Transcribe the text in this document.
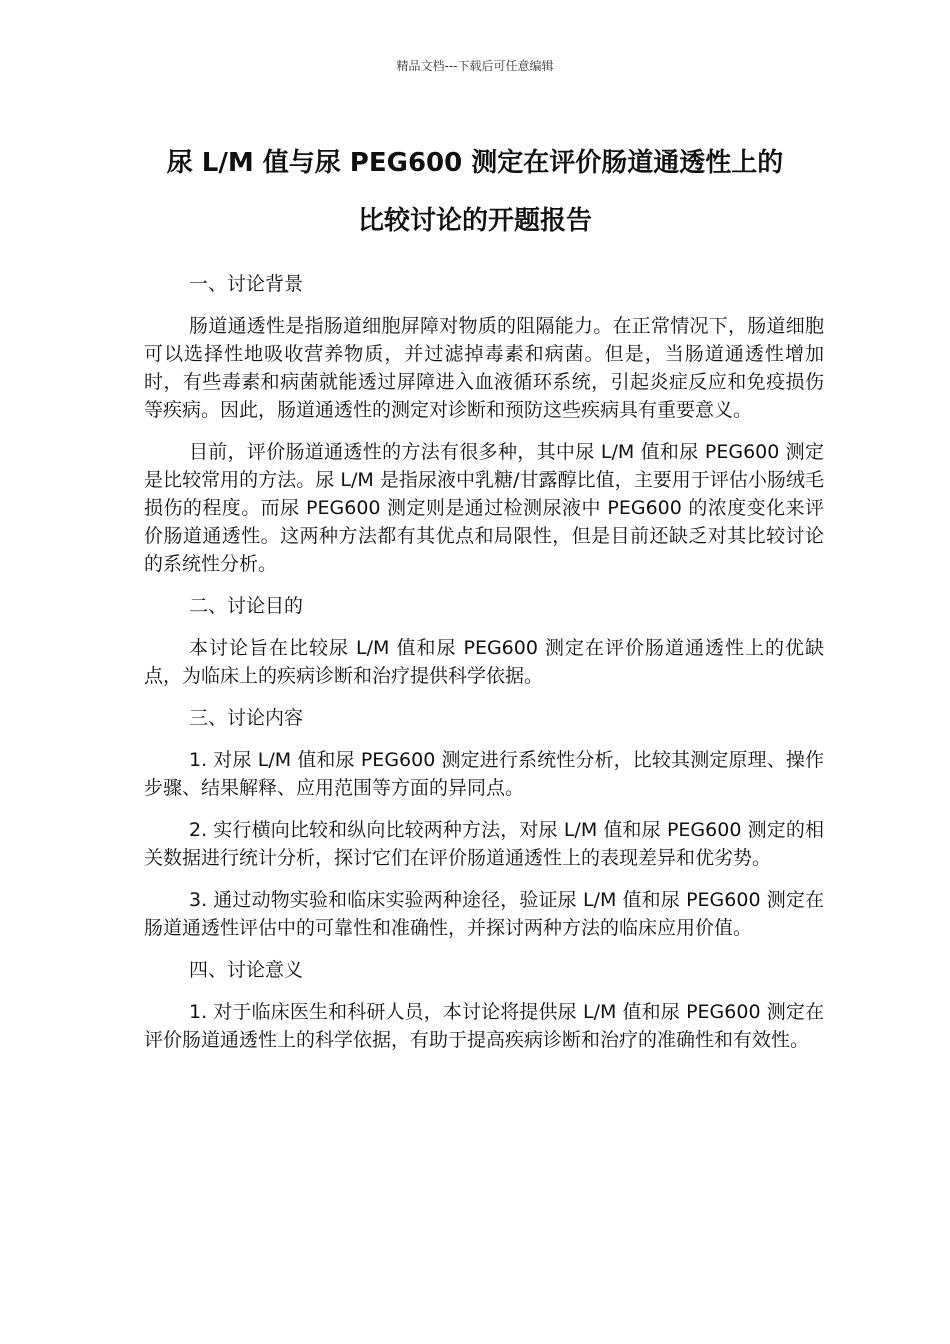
精品文档---下载后可任意编辑
尿 L/M 值与尿 PEG600 测定在评价肠道通透性上的
比较讨论的开题报告
一、讨论背景
肠道通透性是指肠道细胞屏障对物质的阻隔能力。在正常情况下，肠道细胞可以选择性地吸收营养物质，并过滤掉毒素和病菌。但是，当肠道通透性增加时，有些毒素和病菌就能透过屏障进入血液循环系统，引起炎症反应和免疫损伤等疾病。因此，肠道通透性的测定对诊断和预防这些疾病具有重要意义。
目前，评价肠道通透性的方法有很多种，其中尿 L/M 值和尿 PEG600 测定是比较常用的方法。尿 L/M 是指尿液中乳糖/甘露醇比值，主要用于评估小肠绒毛损伤的程度。而尿 PEG600 测定则是通过检测尿液中 PEG600 的浓度变化来评价肠道通透性。这两种方法都有其优点和局限性，但是目前还缺乏对其比较讨论的系统性分析。
二、讨论目的
本讨论旨在比较尿 L/M 值和尿 PEG600 测定在评价肠道通透性上的优缺点，为临床上的疾病诊断和治疗提供科学依据。
三、讨论内容
1. 对尿 L/M 值和尿 PEG600 测定进行系统性分析，比较其测定原理、操作步骤、结果解释、应用范围等方面的异同点。
2. 实行横向比较和纵向比较两种方法，对尿 L/M 值和尿 PEG600 测定的相关数据进行统计分析，探讨它们在评价肠道通透性上的表现差异和优劣势。
3. 通过动物实验和临床实验两种途径，验证尿 L/M 值和尿 PEG600 测定在肠道通透性评估中的可靠性和准确性，并探讨两种方法的临床应用价值。
四、讨论意义
1. 对于临床医生和科研人员，本讨论将提供尿 L/M 值和尿 PEG600 测定在评价肠道通透性上的科学依据，有助于提高疾病诊断和治疗的准确性和有效性。
